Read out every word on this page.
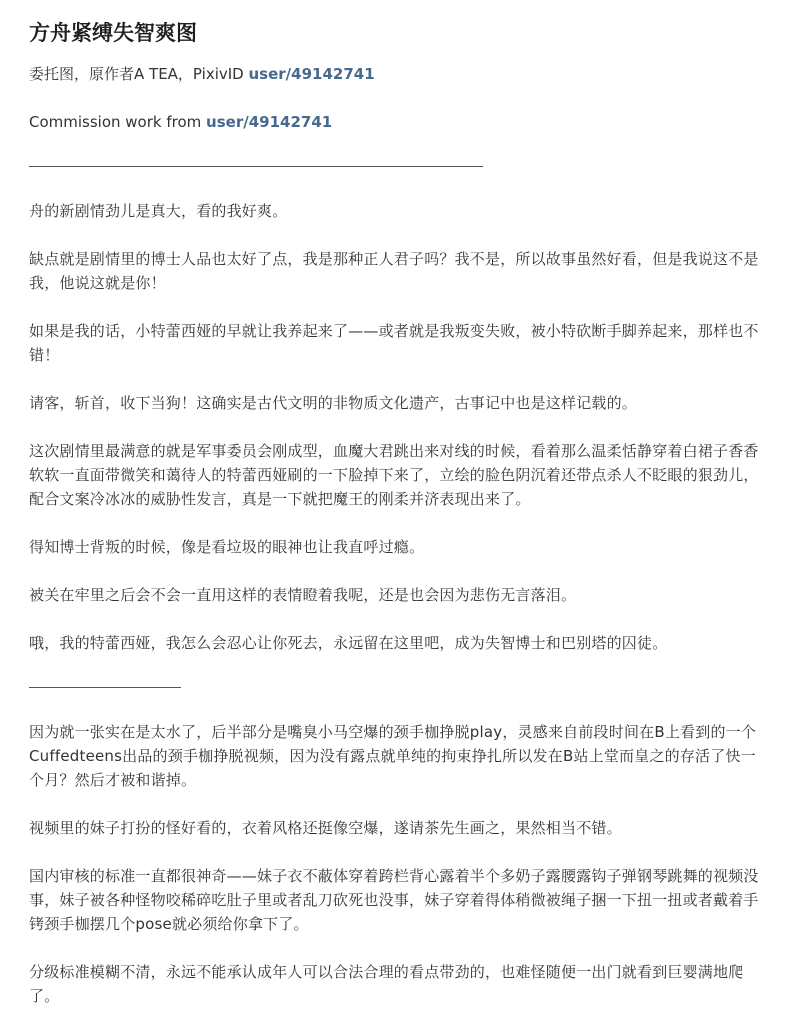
方舟紧缚失智爽图

委托图，原作者A TEA，PixivID user/49142741

Commission work from user/49142741

舟的新剧情劲儿是真大，看的我好爽。

缺点就是剧情里的博士人品也太好了点，我是那种正人君子吗？我不是，所以故事虽然好看，但是我说这不是我，他说这就是你！

如果是我的话，小特蕾西娅的早就让我养起来了——或者就是我叛变失败，被小特砍断手脚养起来，那样也不错！

请客，斩首，收下当狗！这确实是古代文明的非物质文化遗产，古事记中也是这样记载的。

这次剧情里最满意的就是军事委员会刚成型，血魔大君跳出来对线的时候，看着那么温柔恬静穿着白裙子香香软软一直面带微笑和蔼待人的特蕾西娅刷的一下脸掉下来了，立绘的脸色阴沉着还带点杀人不眨眼的狠劲儿，配合文案冷冰冰的威胁性发言，真是一下就把魔王的刚柔并济表现出来了。

得知博士背叛的时候，像是看垃圾的眼神也让我直呼过瘾。

被关在牢里之后会不会一直用这样的表情瞪着我呢，还是也会因为悲伤无言落泪。

哦，我的特蕾西娅，我怎么会忍心让你死去，永远留在这里吧，成为失智博士和巴别塔的囚徒。

因为就一张实在是太水了，后半部分是嘴臭小马空爆的颈手枷挣脱play，灵感来自前段时间在B上看到的一个 Cuffedteens出品的颈手枷挣脱视频，因为没有露点就单纯的拘束挣扎所以发在B站上堂而皇之的存活了快一个月？然后才被和谐掉。

视频里的妹子打扮的怪好看的，衣着风格还挺像空爆，遂请茶先生画之，果然相当不错。

国内审核的标准一直都很神奇——妹子衣不蔽体穿着跨栏背心露着半个多奶子露腰露钩子弹钢琴跳舞的视频没事，妹子被各种怪物咬稀碎吃肚子里或者乱刀砍死也没事，妹子穿着得体稍微被绳子捆一下扭一扭或者戴着手铐颈手枷摆几个pose就必须给你拿下了。

分级标准模糊不清，永远不能承认成年人可以合法合理的看点带劲的，也难怪随便一出门就看到巨婴满地爬了。
